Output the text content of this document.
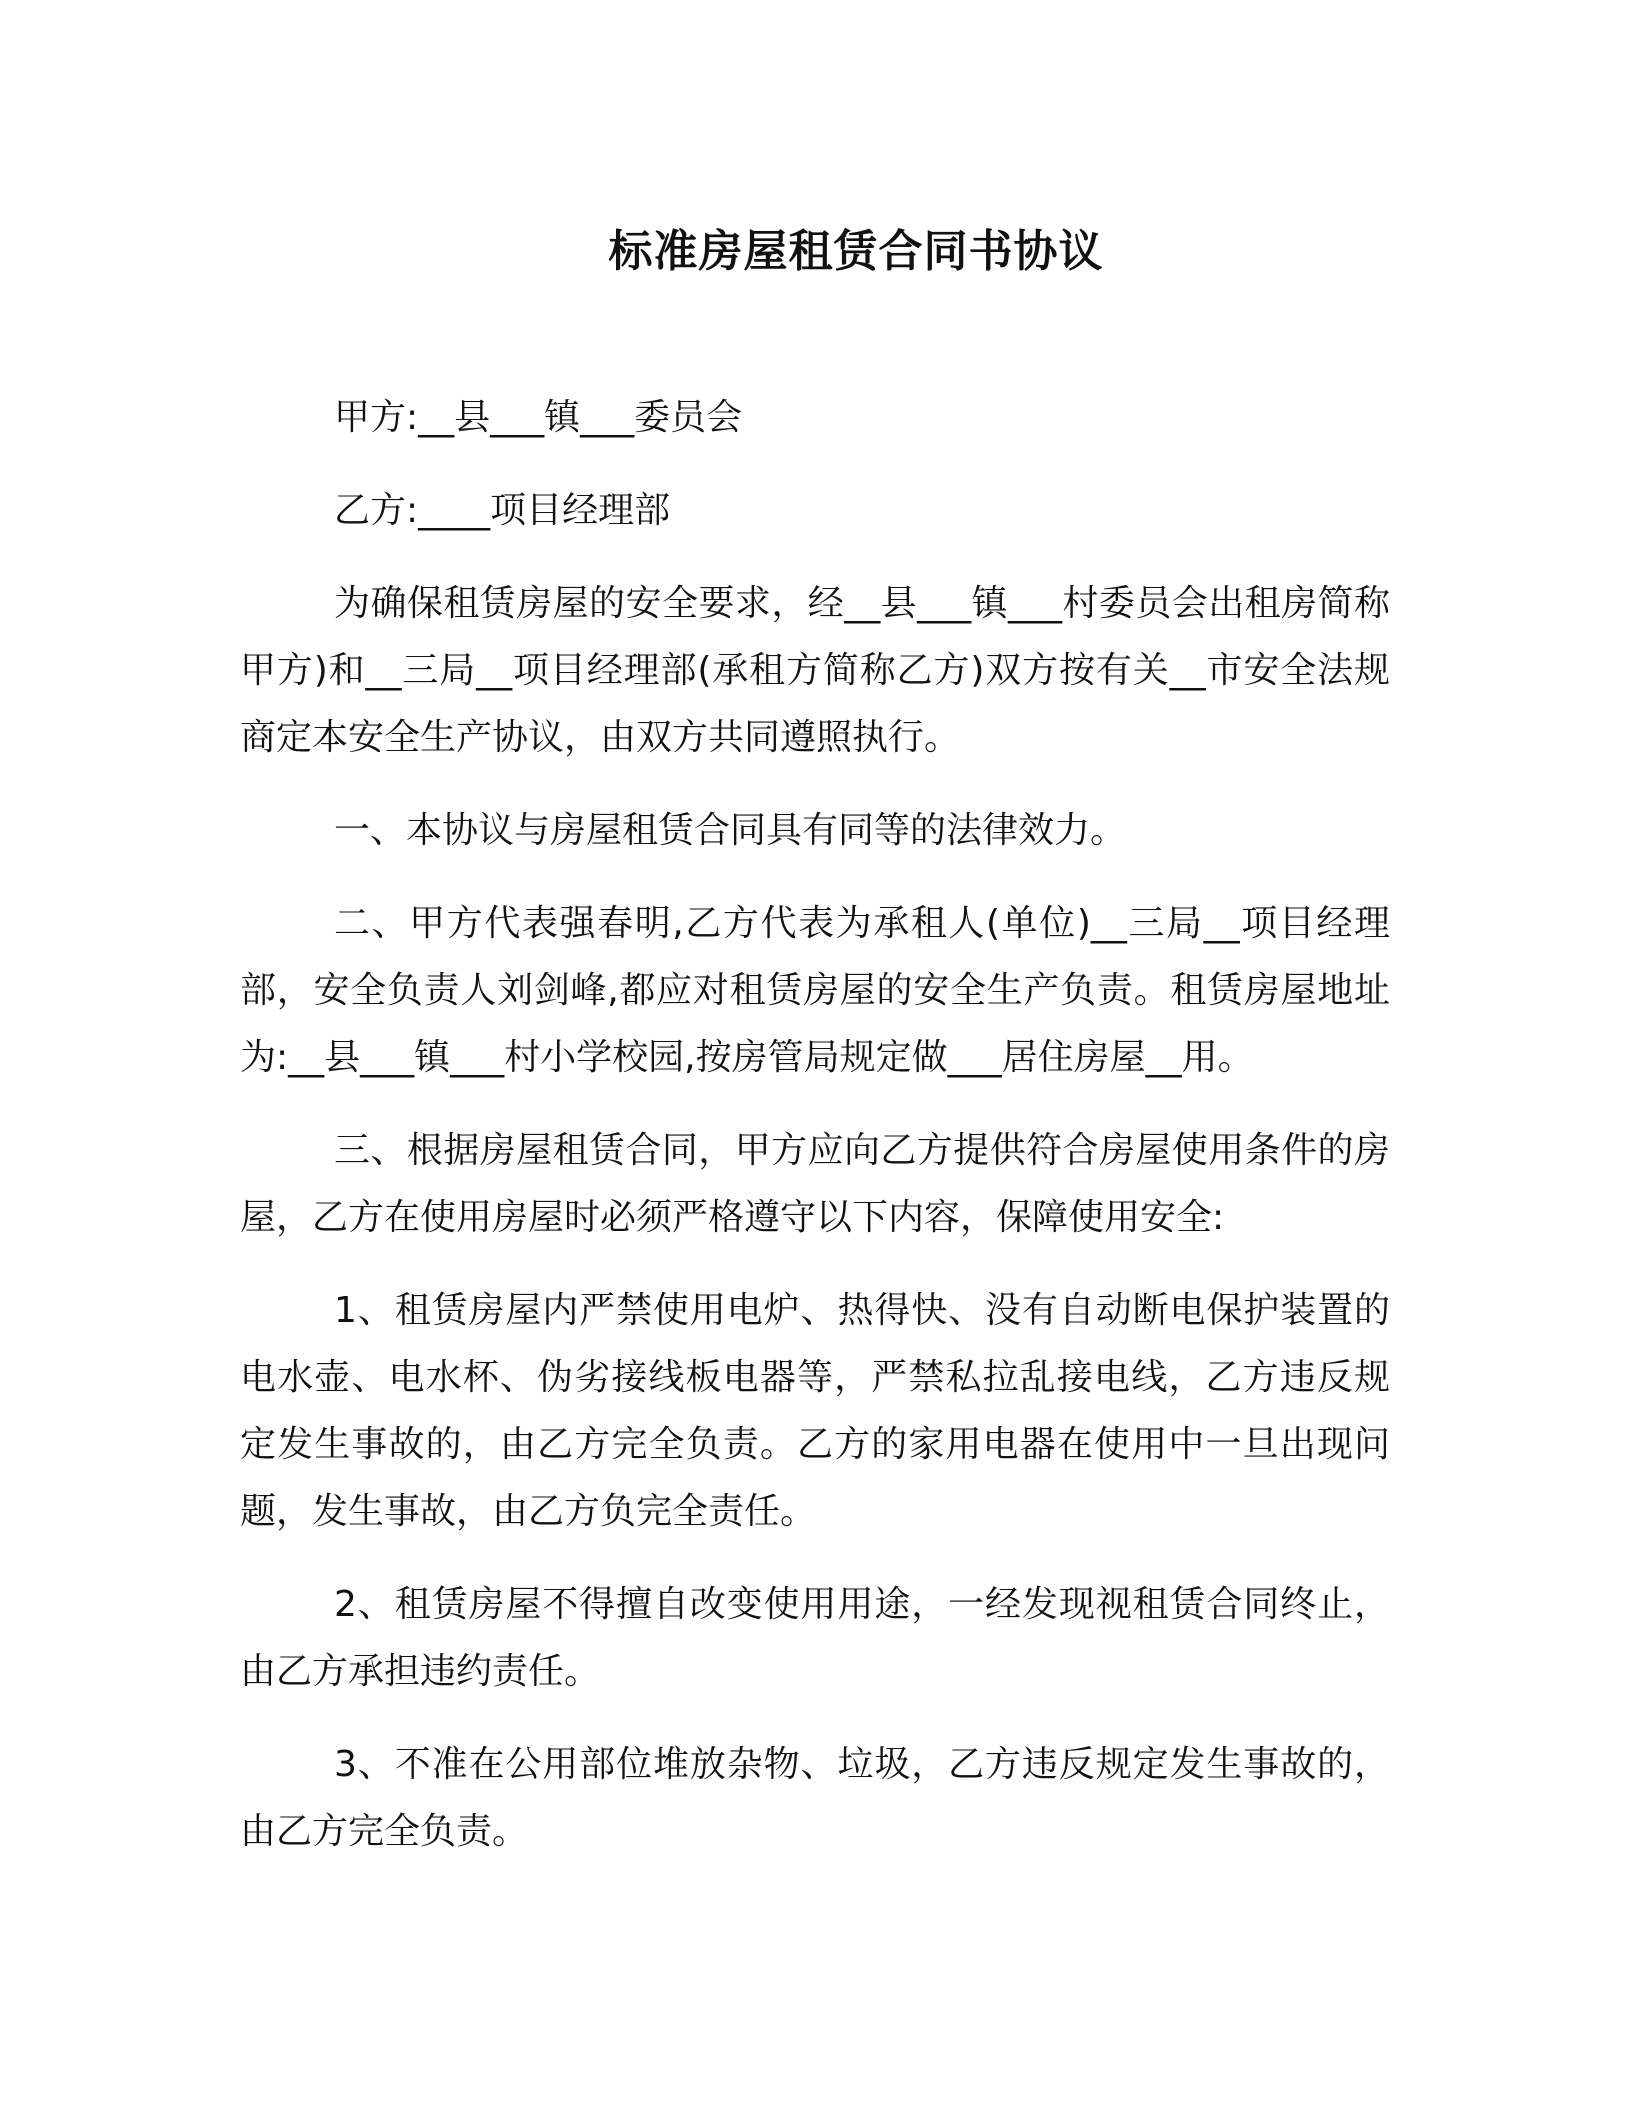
标准房屋租赁合同书协议

甲方:__县___镇___委员会

乙方:____项目经理部

为确保租赁房屋的安全要求，经__县___镇___村委员会出租房简称甲方)和__三局__项目经理部(承租方简称乙方)双方按有关__市安全法规商定本安全生产协议，由双方共同遵照执行。

一、本协议与房屋租赁合同具有同等的法律效力。

二、甲方代表强春明,乙方代表为承租人(单位)__三局__项目经理部，安全负责人刘剑峰,都应对租赁房屋的安全生产负责。租赁房屋地址为:__县___镇___村小学校园,按房管局规定做___居住房屋__用。

三、根据房屋租赁合同，甲方应向乙方提供符合房屋使用条件的房屋，乙方在使用房屋时必须严格遵守以下内容，保障使用安全:

1、租赁房屋内严禁使用电炉、热得快、没有自动断电保护装置的电水壶、电水杯、伪劣接线板电器等，严禁私拉乱接电线，乙方违反规定发生事故的，由乙方完全负责。乙方的家用电器在使用中一旦出现问题，发生事故，由乙方负完全责任。

2、租赁房屋不得擅自改变使用用途，一经发现视租赁合同终止，由乙方承担违约责任。

3、不准在公用部位堆放杂物、垃圾，乙方违反规定发生事故的，由乙方完全负责。
